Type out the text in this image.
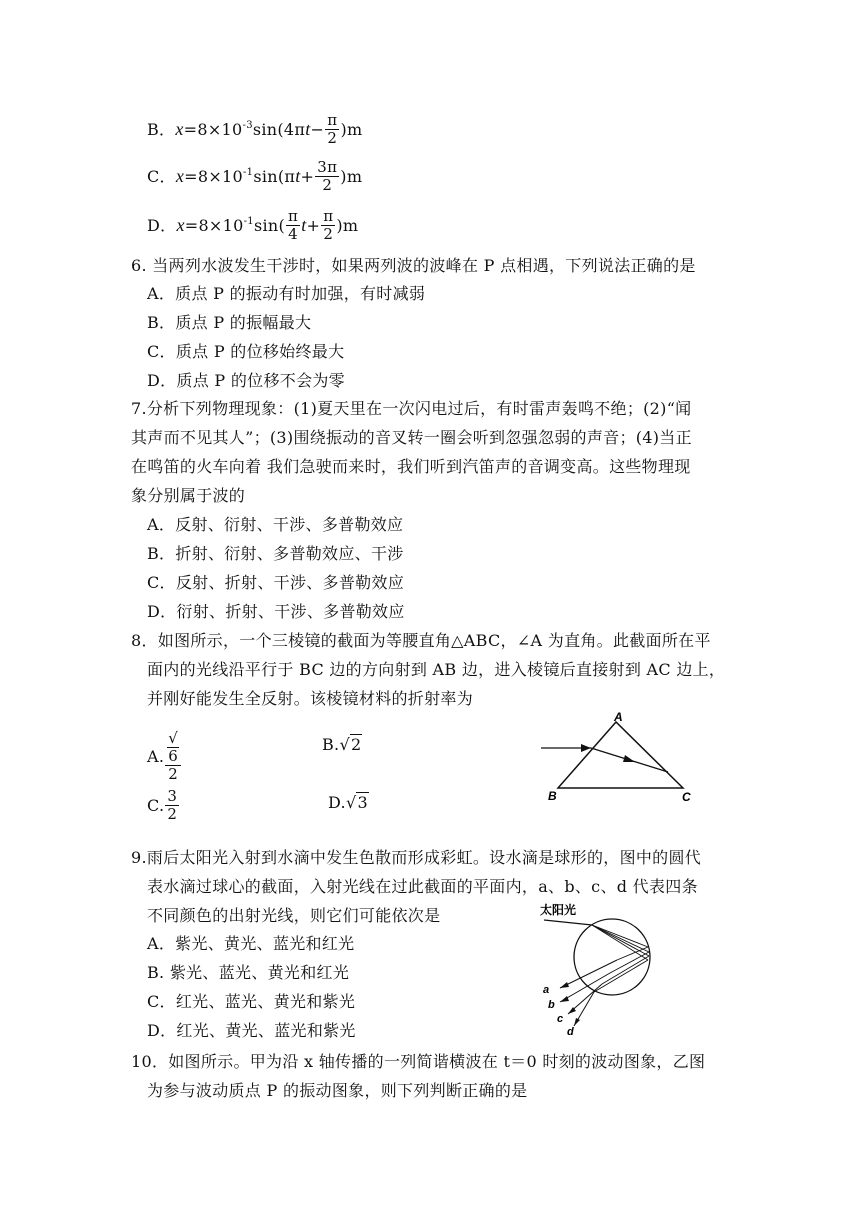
B．$x=8\times 10^{-3}\sin(4\pi t- \frac{\pi}{2} )m$
C．$x=8\times 10^{-1}\sin(\pi t+ \frac{3\pi}{2} )m$
D．$x=8\times 10^{-1}\sin( \frac{\pi}{4} t+ \frac{\pi}{2} )m$
6. 当两列水波发生干涉时，如果两列波的波峰在 P 点相遇，下列说法正确的是
A．质点 P 的振动有时加强，有时减弱
B．质点 P 的振幅最大
C．质点 P 的位移始终最大
D．质点 P 的位移不会为零
7.分析下列物理现象：(1)夏天里在一次闪电过后，有时雷声轰鸣不绝；(2)“闻
其声而不见其人”；(3)围绕振动的音叉转一圈会听到忽强忽弱的声音；(4)当正
在鸣笛的火车向着 我们急驶而来时，我们听到汽笛声的音调变高。这些物理现
象分别属于波的
A．反射、衍射、干涉、多普勒效应
B．折射、衍射、多普勒效应、干涉
C．反射、折射、干涉、多普勒效应
D．衍射、折射、干涉、多普勒效应
8．如图所示，一个三棱镜的截面为等腰直角△ABC，∠A 为直角。此截面所在平
面内的光线沿平行于 BC 边的方向射到 AB 边，进入棱镜后直接射到 AC 边上，
并刚好能发生全反射。该棱镜材料的折射率为
A. √
6
2	B.√2
C. $\frac{3}{2}$	D.√3
A
B	C
9.雨后太阳光入射到水滴中发生色散而形成彩虹。设水滴是球形的，图中的圆代
表水滴过球心的截面，入射光线在过此截面的平面内，a、b、c、d 代表四条
不同颜色的出射光线，则它们可能依次是
A．紫光、黄光、蓝光和红光
B. 紫光、蓝光、黄光和红光
C．红光、蓝光、黄光和紫光
D．红光、黄光、蓝光和紫光
太阳光
a
b
c
d
10．如图所示。甲为沿 x 轴传播的一列简谐横波在 t＝0 时刻的波动图象，乙图
为参与波动质点 P 的振动图象，则下列判断正确的是
